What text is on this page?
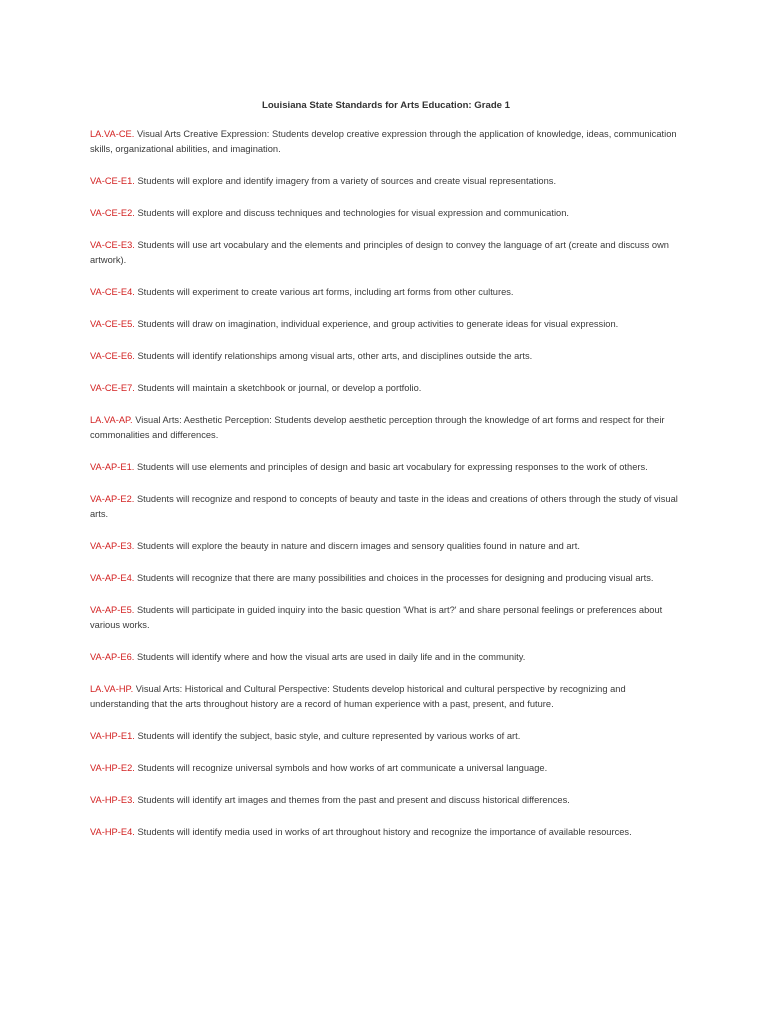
Louisiana State Standards for Arts Education: Grade 1
LA.VA-CE. Visual Arts Creative Expression: Students develop creative expression through the application of knowledge, ideas, communication skills, organizational abilities, and imagination.
VA-CE-E1. Students will explore and identify imagery from a variety of sources and create visual representations.
VA-CE-E2. Students will explore and discuss techniques and technologies for visual expression and communication.
VA-CE-E3. Students will use art vocabulary and the elements and principles of design to convey the language of art (create and discuss own artwork).
VA-CE-E4. Students will experiment to create various art forms, including art forms from other cultures.
VA-CE-E5. Students will draw on imagination, individual experience, and group activities to generate ideas for visual expression.
VA-CE-E6. Students will identify relationships among visual arts, other arts, and disciplines outside the arts.
VA-CE-E7. Students will maintain a sketchbook or journal, or develop a portfolio.
LA.VA-AP. Visual Arts: Aesthetic Perception: Students develop aesthetic perception through the knowledge of art forms and respect for their commonalities and differences.
VA-AP-E1. Students will use elements and principles of design and basic art vocabulary for expressing responses to the work of others.
VA-AP-E2. Students will recognize and respond to concepts of beauty and taste in the ideas and creations of others through the study of visual arts.
VA-AP-E3. Students will explore the beauty in nature and discern images and sensory qualities found in nature and art.
VA-AP-E4. Students will recognize that there are many possibilities and choices in the processes for designing and producing visual arts.
VA-AP-E5. Students will participate in guided inquiry into the basic question 'What is art?' and share personal feelings or preferences about various works.
VA-AP-E6. Students will identify where and how the visual arts are used in daily life and in the community.
LA.VA-HP. Visual Arts: Historical and Cultural Perspective: Students develop historical and cultural perspective by recognizing and understanding that the arts throughout history are a record of human experience with a past, present, and future.
VA-HP-E1. Students will identify the subject, basic style, and culture represented by various works of art.
VA-HP-E2. Students will recognize universal symbols and how works of art communicate a universal language.
VA-HP-E3. Students will identify art images and themes from the past and present and discuss historical differences.
VA-HP-E4. Students will identify media used in works of art throughout history and recognize the importance of available resources.
